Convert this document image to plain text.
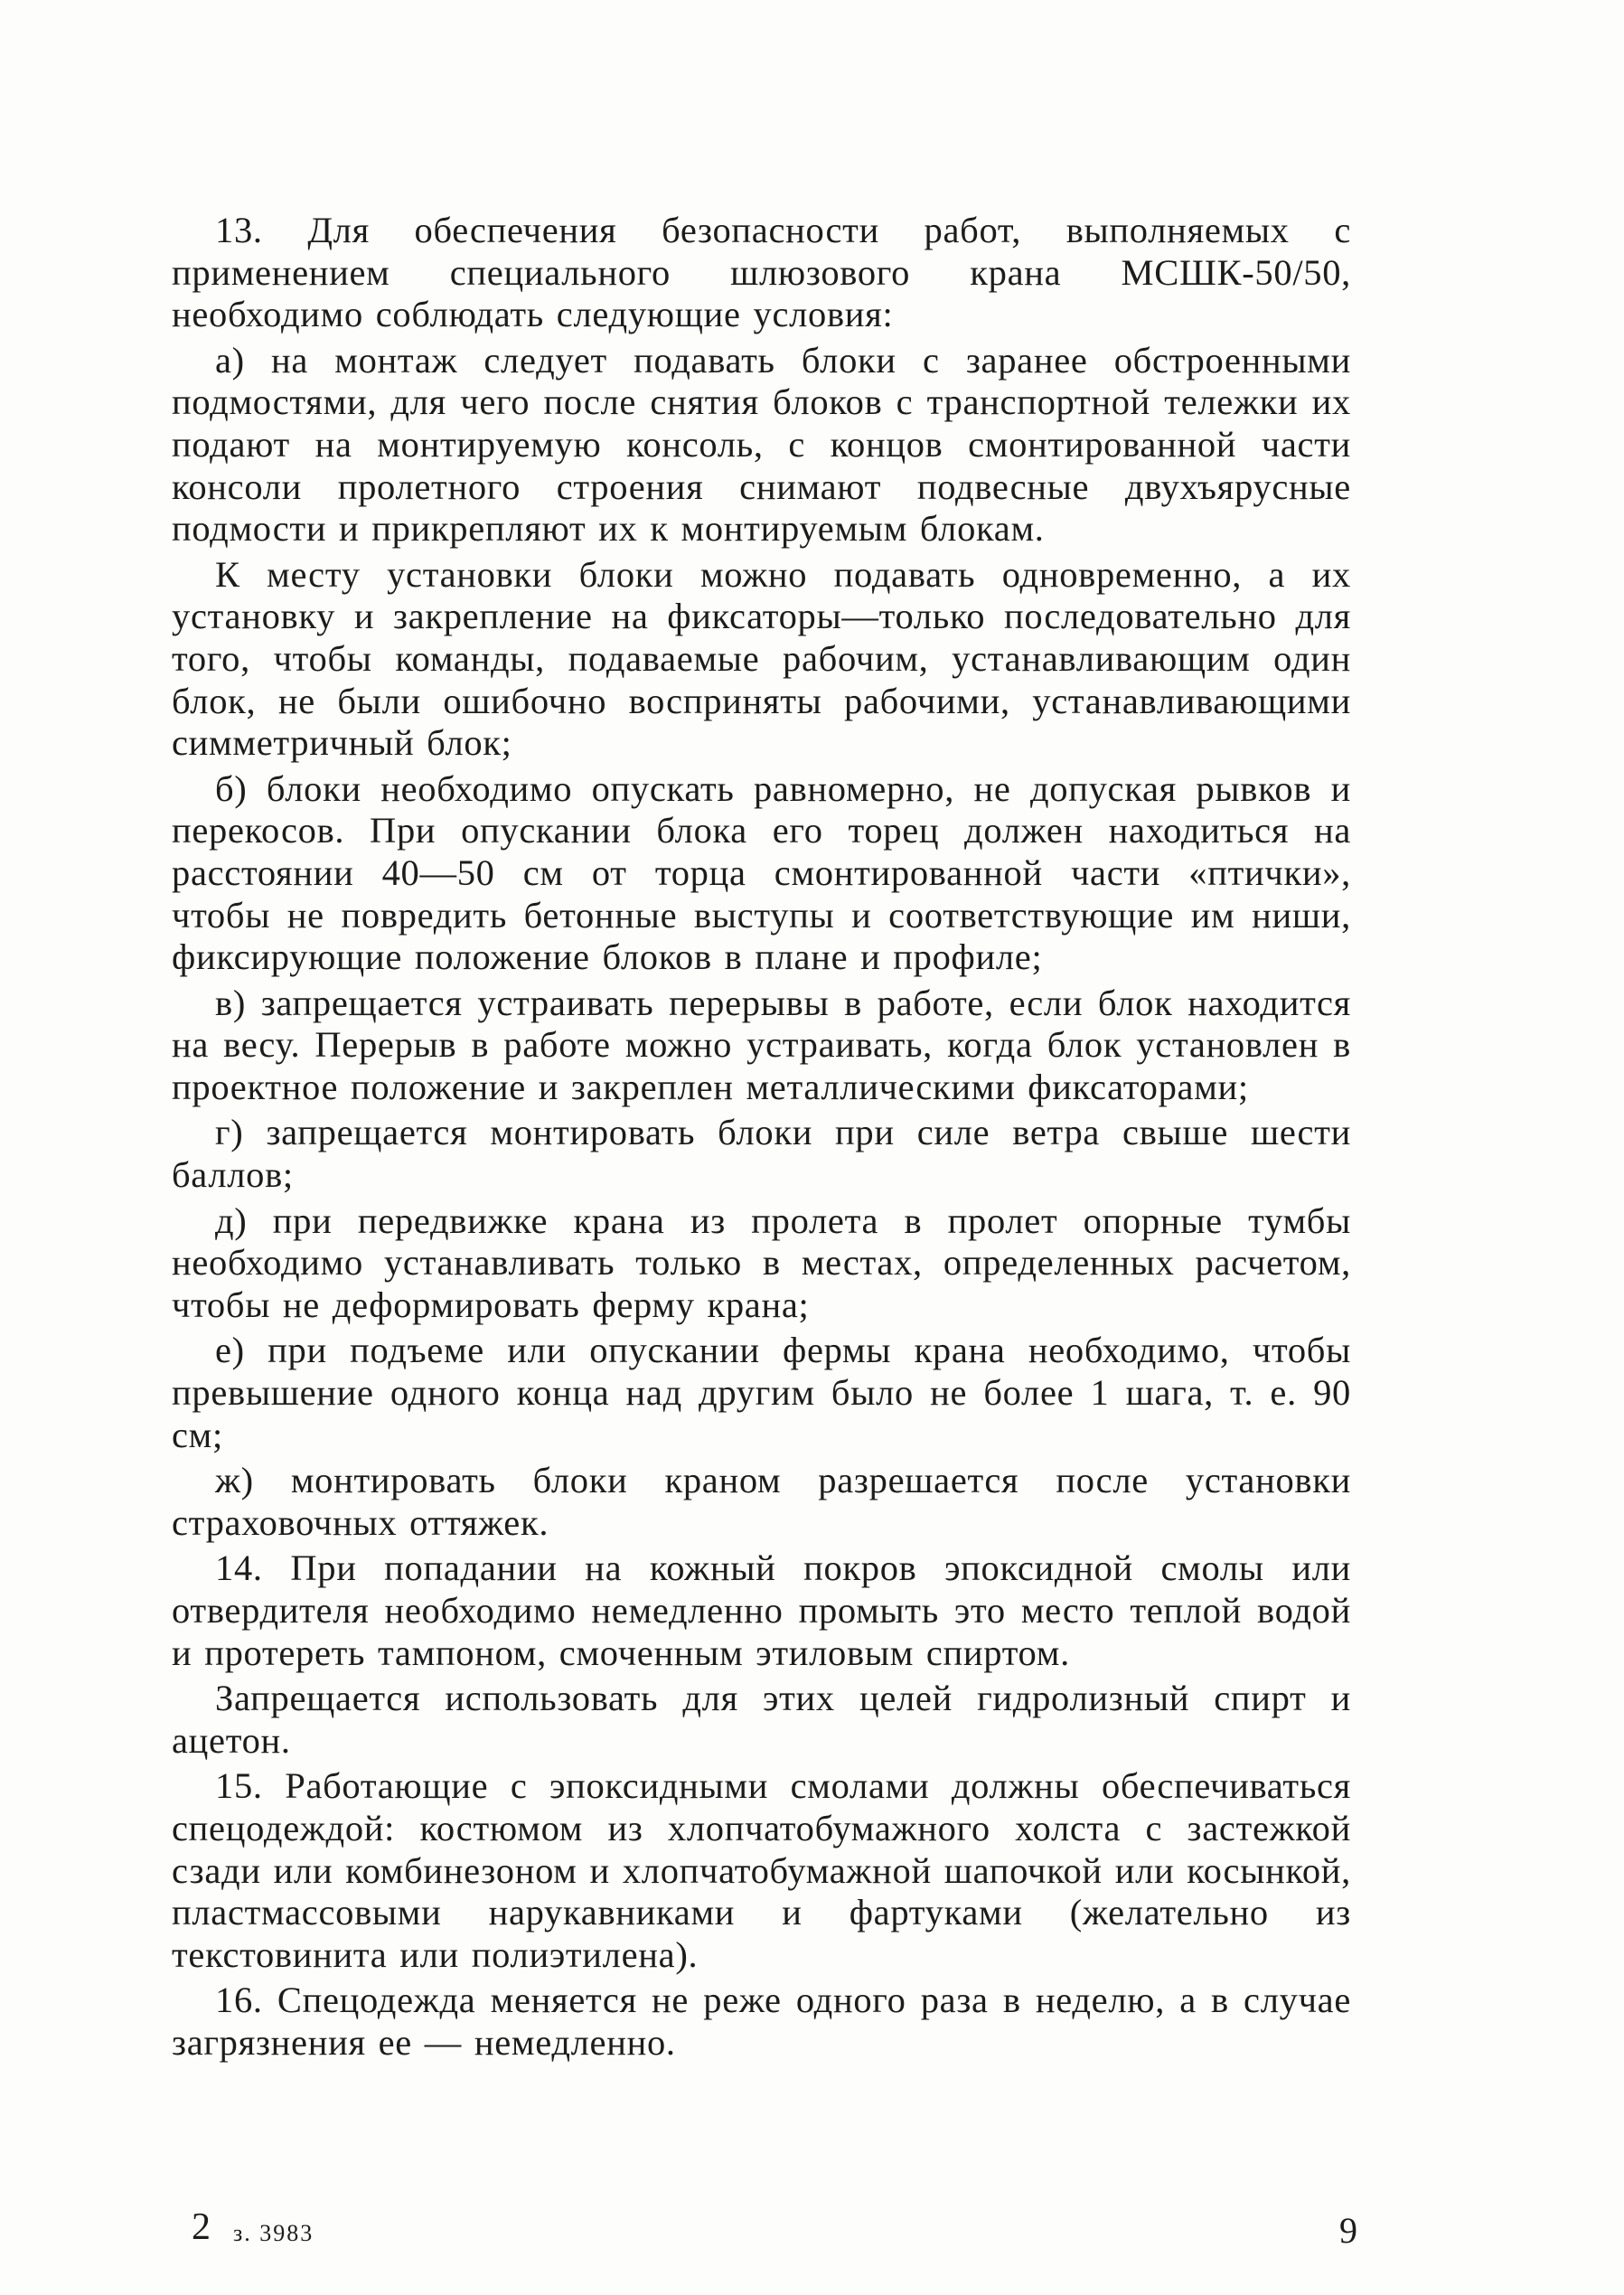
13. Для обеспечения безопасности работ, выполняемых с применением специального шлюзового крана МСШК-50/50, необходимо соблюдать следующие условия:

а) на монтаж следует подавать блоки с заранее обстроенными подмостями, для чего после снятия блоков с транспортной тележки их подают на монтируемую консоль, с концов смонтированной части консоли пролетного строения снимают подвесные двухъярусные подмости и прикрепляют их к монтируемым блокам.

К месту установки блоки можно подавать одновременно, а их установку и закрепление на фиксаторы—только последовательно для того, чтобы команды, подаваемые рабочим, устанавливающим один блок, не были ошибочно восприняты рабочими, устанавливающими симметричный блок;

б) блоки необходимо опускать равномерно, не допуская рывков и перекосов. При опускании блока его торец должен находиться на расстоянии 40—50 см от торца смонтированной части «птички», чтобы не повредить бетонные выступы и соответствующие им ниши, фиксирующие положение блоков в плане и профиле;

в) запрещается устраивать перерывы в работе, если блок находится на весу. Перерыв в работе можно устраивать, когда блок установлен в проектное положение и закреплен металлическими фиксаторами;

г) запрещается монтировать блоки при силе ветра свыше шести баллов;

д) при передвижке крана из пролета в пролет опорные тумбы необходимо устанавливать только в местах, определенных расчетом, чтобы не деформировать ферму крана;

е) при подъеме или опускании фермы крана необходимо, чтобы превышение одного конца над другим было не более 1 шага, т. е. 90 см;

ж) монтировать блоки краном разрешается после установки страховочных оттяжек.

14. При попадании на кожный покров эпоксидной смолы или отвердителя необходимо немедленно промыть это место теплой водой и протереть тампоном, смоченным этиловым спиртом.

Запрещается использовать для этих целей гидролизный спирт и ацетон.

15. Работающие с эпоксидными смолами должны обеспечиваться спецодеждой: костюмом из хлопчатобумажного холста с застежкой сзади или комбинезоном и хлопчатобумажной шапочкой или косынкой, пластмассовыми нарукавниками и фартуками (желательно из текстовинита или полиэтилена).

16. Спецодежда меняется не реже одного раза в неделю, а в случае загрязнения ее — немедленно.

2 з. 3983	9
